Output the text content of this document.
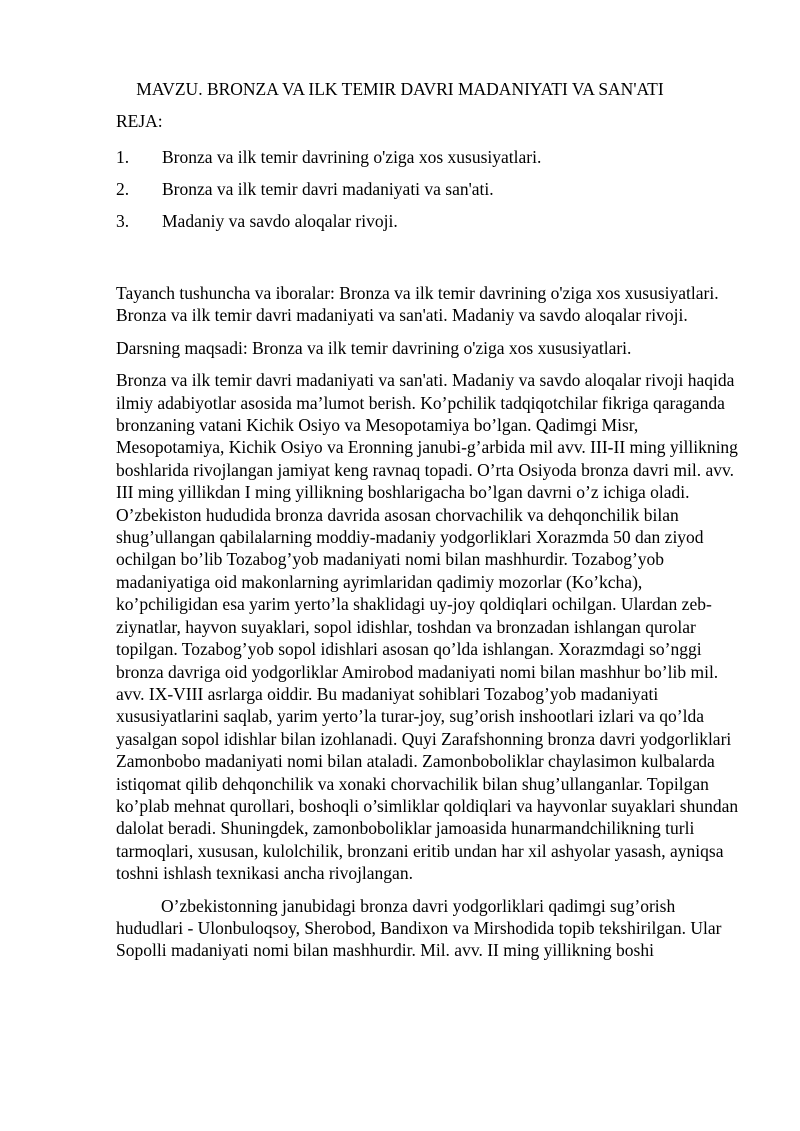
MAVZU. BRONZA VA ILK TEMIR DAVRI MADANIYATI VA SAN'ATI
REJA:
1. Bronza va ilk temir davrining o'ziga xos xususiyatlari.
2. Bronza va ilk temir davri madaniyati va san'ati.
3. Madaniy va savdo aloqalar rivoji.

Tayanch tushuncha va iboralar: Bronza va ilk temir davrining o'ziga xos xususiyatlari. Bronza va ilk temir davri madaniyati va san'ati. Madaniy va savdo aloqalar rivoji.

Darsning maqsadi: Bronza va ilk temir davrining o'ziga xos xususiyatlari.

Bronza va ilk temir davri madaniyati va san'ati. Madaniy va savdo aloqalar rivoji haqida ilmiy adabiyotlar asosida ma’lumot berish. Ko’pchilik tadqiqotchilar fikriga qaraganda bronzaning vatani Kichik Osiyo va Mesopotamiya bo’lgan. Qadimgi Misr, Mesopotamiya, Kichik Osiyo va Eronning janubi-g’arbida mil avv. III-II ming yillikning boshlarida rivojlangan jamiyat keng ravnaq topadi. O’rta Osiyoda bronza davri mil. avv. III ming yillikdan I ming yillikning boshlarigacha bo’lgan davrni o’z ichiga oladi. O’zbekiston hududida bronza davrida asosan chorvachilik va dehqonchilik bilan shug’ullangan qabilalarning moddiy-madaniy yodgorliklari Xorazmda 50 dan ziyod ochilgan bo’lib Tozabog’yob madaniyati nomi bilan mashhurdir. Tozabog’yob madaniyatiga oid makonlarning ayrimlaridan qadimiy mozorlar (Ko’kcha), ko’pchiligidan esa yarim yerto’la shaklidagi uy-joy qoldiqlari ochilgan. Ulardan zeb-ziynatlar, hayvon suyaklari, sopol idishlar, toshdan va bronzadan ishlangan qurolar topilgan. Tozabog’yob sopol idishlari asosan qo’lda ishlangan. Xorazmdagi so’nggi bronza davriga oid yodgorliklar Amirobod madaniyati nomi bilan mashhur bo’lib mil. avv. IX-VIII asrlarga oiddir. Bu madaniyat sohiblari Tozabog’yob madaniyati xususiyatlarini saqlab, yarim yerto’la turar-joy, sug’orish inshootlari izlari va qo’lda yasalgan sopol idishlar bilan izohlanadi. Quyi Zarafshonning bronza davri yodgorliklari Zamonbobo madaniyati nomi bilan ataladi. Zamonboboliklar chaylasimon kulbalarda istiqomat qilib dehqonchilik va xonaki chorvachilik bilan shug’ullanganlar. Topilgan ko’plab mehnat qurollari, boshoqli o’simliklar qoldiqlari va hayvonlar suyaklari shundan dalolat beradi. Shuningdek, zamonboboliklar jamoasida hunarmandchilikning turli tarmoqlari, xususan, kulolchilik, bronzani eritib undan har xil ashyolar yasash, ayniqsa toshni ishlash texnikasi ancha rivojlangan.

O’zbekistonning janubidagi bronza davri yodgorliklari qadimgi sug’orish hududlari - Ulonbuloqsoy, Sherobod, Bandixon va Mirshodida topib tekshirilgan. Ular Sopolli madaniyati nomi bilan mashhurdir. Mil. avv. II ming yillikning boshi
